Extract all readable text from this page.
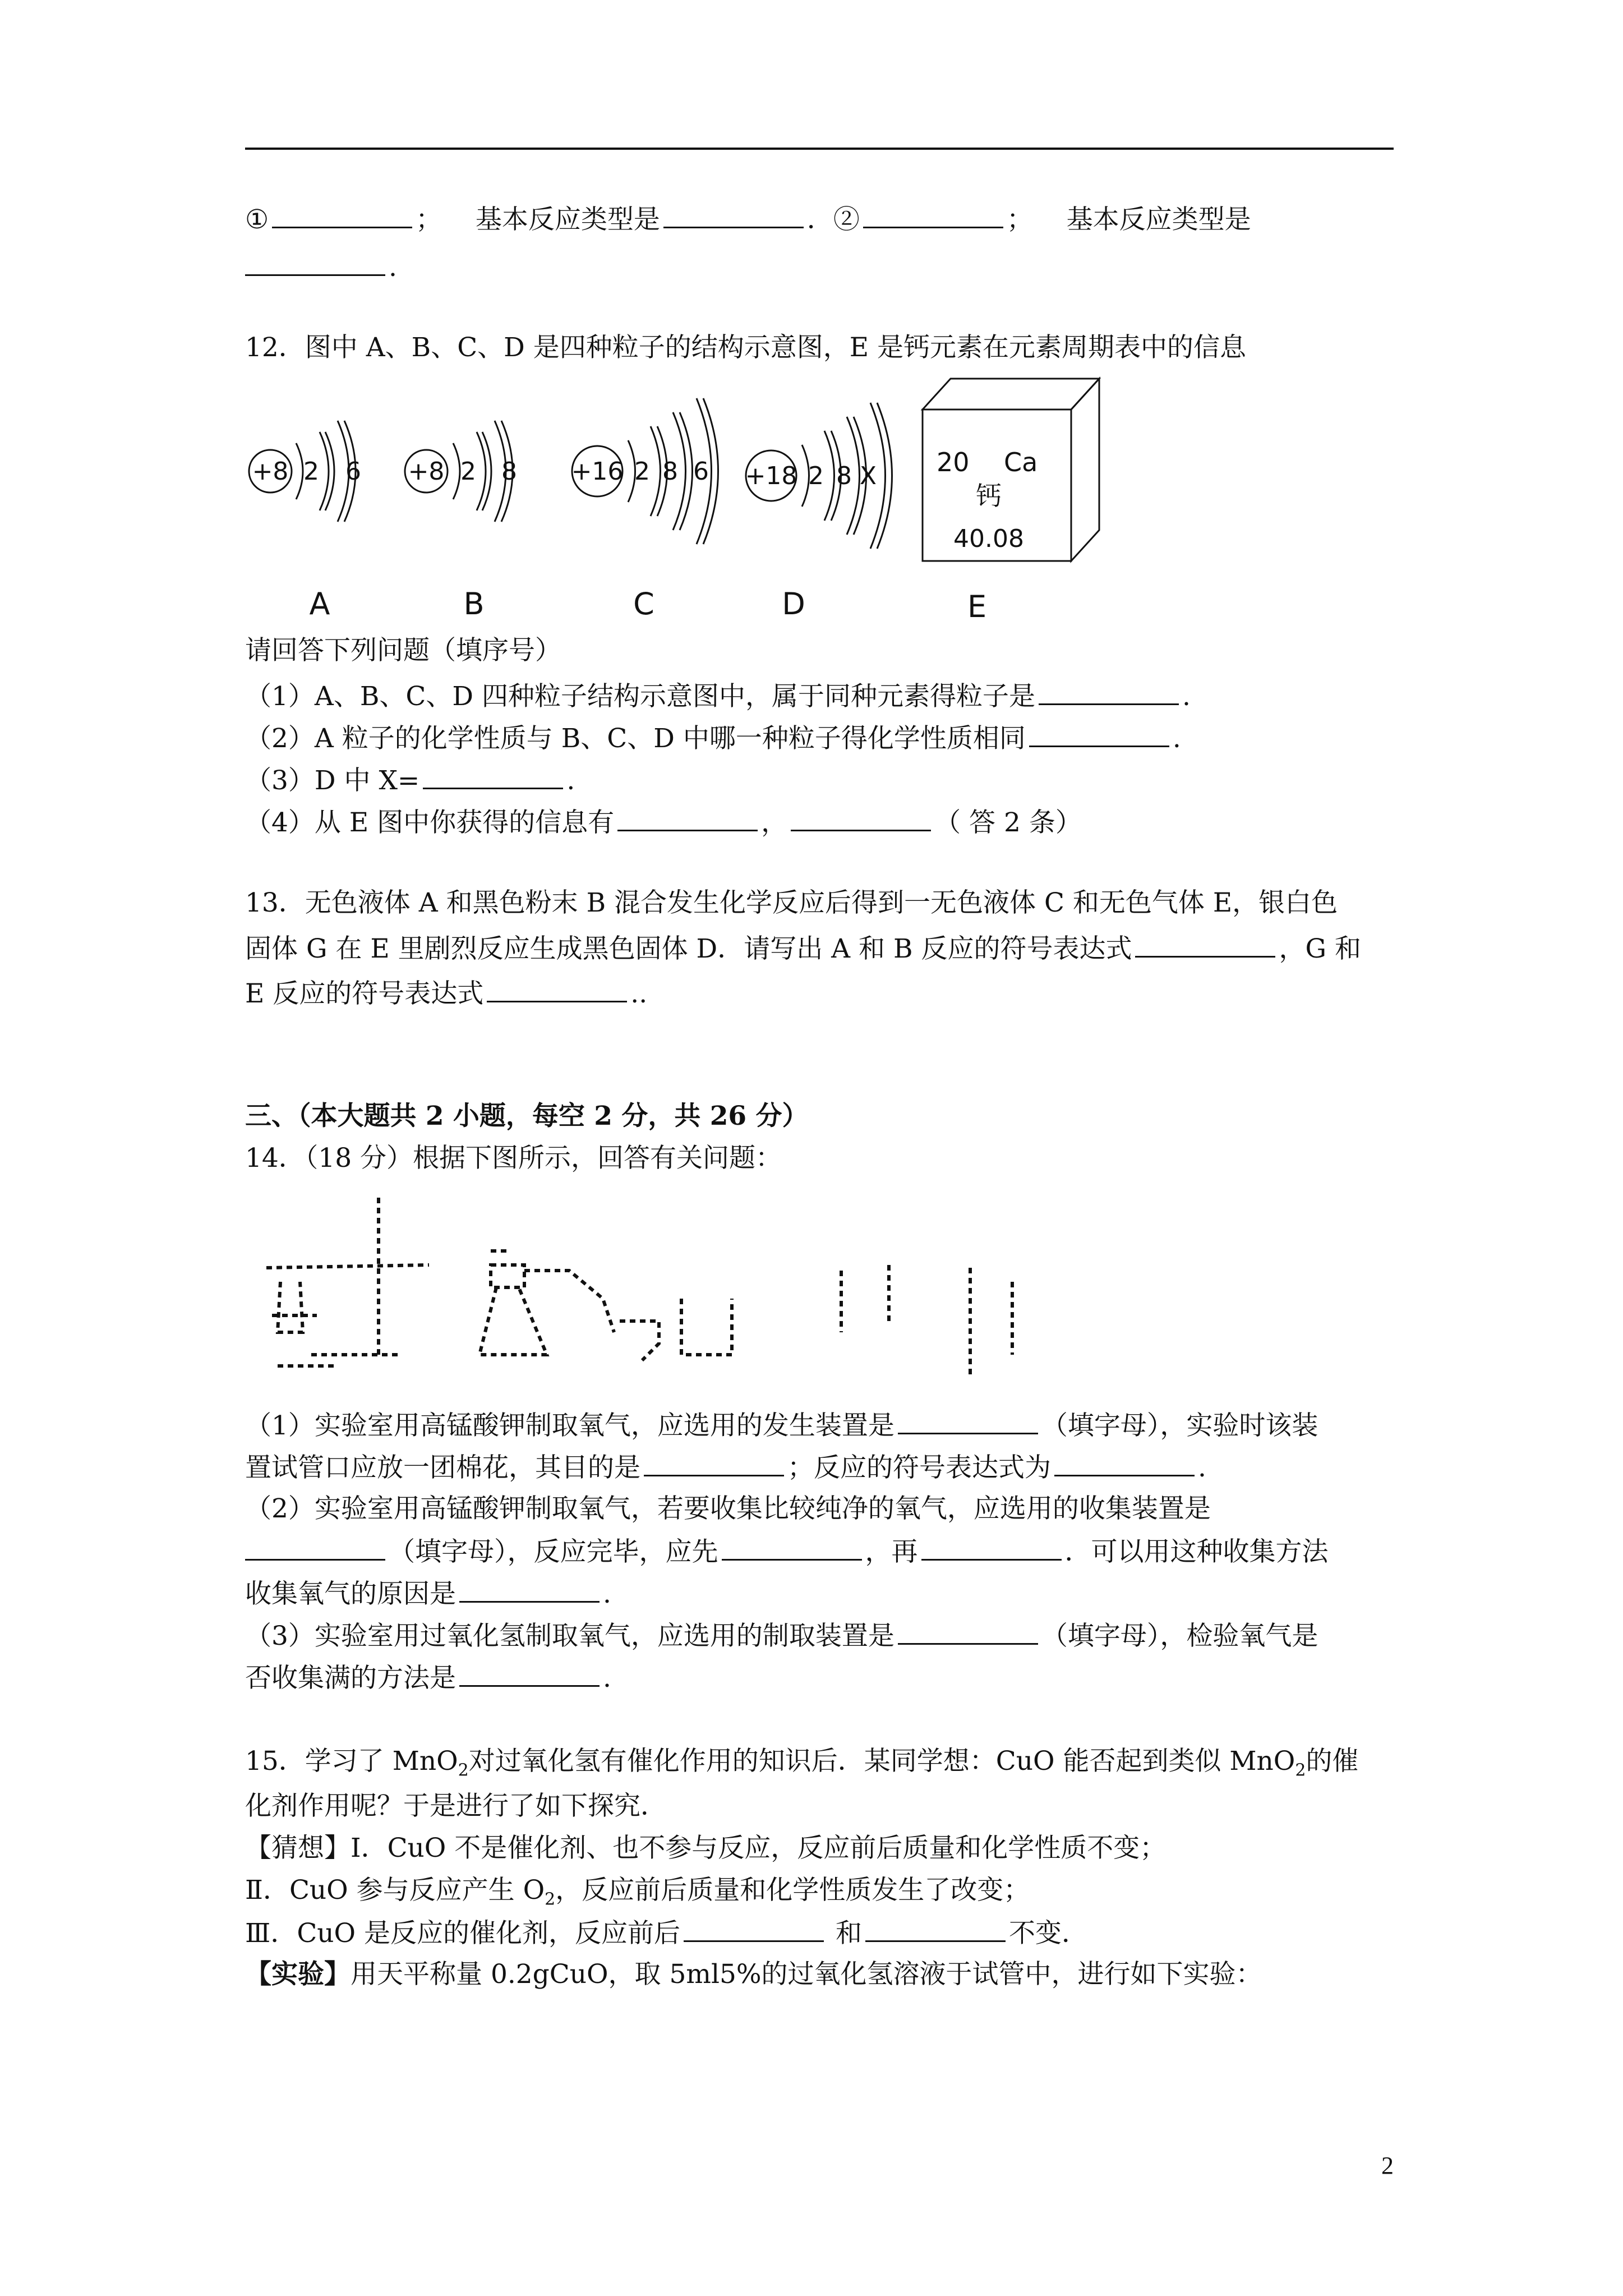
①	； 基本反应类型是	．②	； 基本反应类型是
.
12．图中 A、B、C、D 是四种粒子的结构示意图，E 是钙元素在元素周期表中的信息
+8 2 6 +8 2 8 +16 2 8 6 +18 2 8 X 20 Ca
钙
40.08
A	B	C	D	E
请回答下列问题（填序号）
（1）A、B、C、D 四种粒子结构示意图中，属于同种元素得粒子是	.
（2）A 粒子的化学性质与 B、C、D 中哪一种粒子得化学性质相同	.
（3）D 中 X=	.
（4）从 E 图中你获得的信息有	，	（ 答 2 条）
13．无色液体 A 和黑色粉末 B 混合发生化学反应后得到一无色液体 C 和无色气体 E，银白色
固体 G 在 E 里剧烈反应生成黑色固体 D．请写出 A 和 B 反应的符号表达式	，G 和
E 反应的符号表达式	..
三、（本大题共 2 小题，每空 2 分，共 26 分）
14．（18 分）根据下图所示，回答有关问题：
（1）实验室用高锰酸钾制取氧气，应选用的发生装置是	（填字母），实验时该装
置试管口应放一团棉花，其目的是	；反应的符号表达式为	.
（2）实验室用高锰酸钾制取氧气，若要收集比较纯净的氧气，应选用的收集装置是
（填字母），反应完毕，应先	，再	．可以用这种收集方法
收集氧气的原因是	.
（3）实验室用过氧化氢制取氧气，应选用的制取装置是	（填字母），检验氧气是
否收集满的方法是	.
15．学习了 MnO$_2$对过氧化氢有催化作用的知识后．某同学想：CuO 能否起到类似 MnO$_2$的催
化剂作用呢？于是进行了如下探究．
【猜想】Ⅰ．CuO 不是催化剂、也不参与反应，反应前后质量和化学性质不变；
Ⅱ．CuO 参与反应产生 $O_2$，反应前后质量和化学性质发生了改变；
Ⅲ．CuO 是反应的催化剂，反应前后	和	不变．
【实验】用天平称量 0.2gCuO，取 5ml5%的过氧化氢溶液于试管中，进行如下实验：
2
